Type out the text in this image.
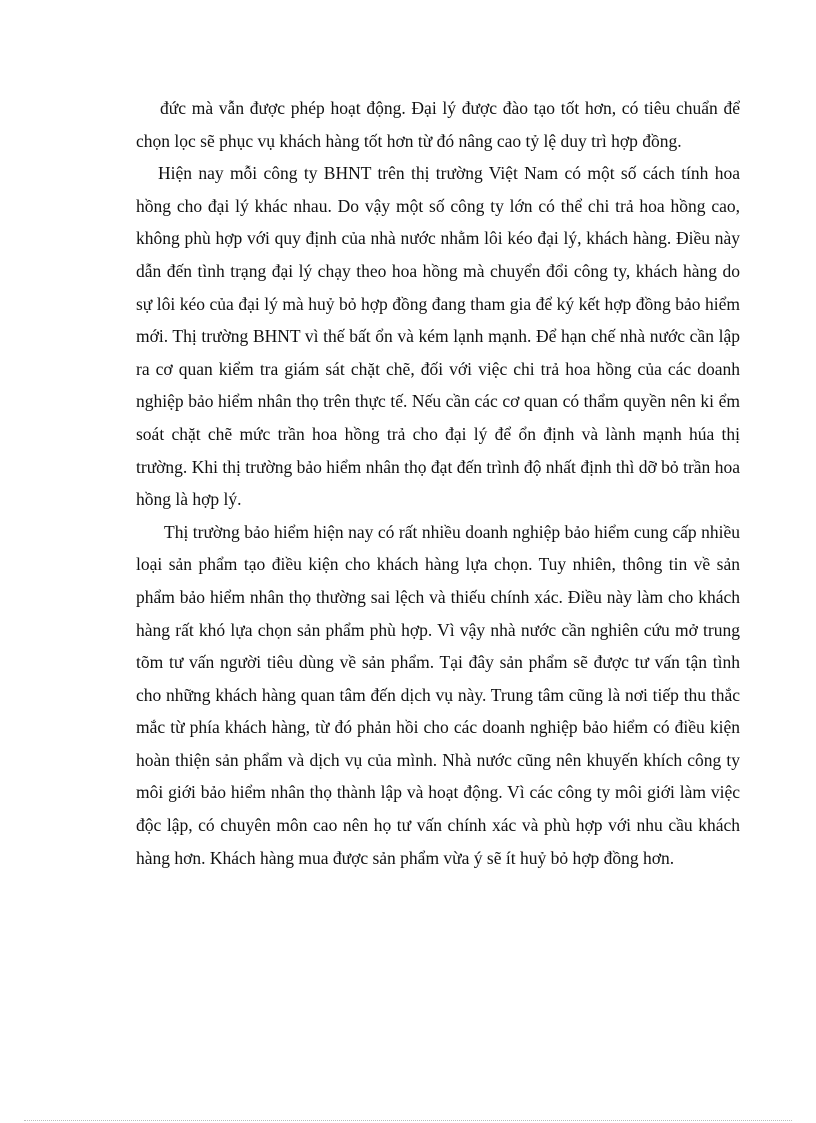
đức mà vẫn được phép hoạt động. Đại lý được đào tạo tốt hơn, có tiêu chuẩn để chọn lọc sẽ phục vụ khách hàng tốt hơn từ đó nâng cao tỷ lệ duy trì hợp đồng.

Hiện nay mỗi công ty BHNT trên thị trường Việt Nam có một số cách tính hoa hồng cho đại lý khác nhau. Do vậy một số công ty lớn có thể chi trả hoa hồng cao, không phù hợp với quy định của nhà nước nhằm lôi kéo đại lý, khách hàng. Điều này dẫn đến tình trạng đại lý chạy theo hoa hồng mà chuyển đổi công ty, khách hàng do sự lôi kéo của đại lý mà huỷ bỏ hợp đồng đang tham gia để ký kết hợp đồng bảo hiểm mới. Thị trường BHNT vì thế bất ổn và kém lạnh mạnh. Để hạn chế nhà nước cần lập ra cơ quan kiểm tra giám sát chặt chẽ, đối với việc chi trả hoa hồng của các doanh nghiệp bảo hiểm nhân thọ trên thực tế. Nếu cần các cơ quan có thẩm quyền nên ki ểm soát chặt chẽ mức trần hoa hồng trả cho đại lý để ổn định và lành mạnh húa thị trường. Khi thị trường bảo hiểm nhân thọ đạt đến trình độ nhất định thì dỡ bỏ trần hoa hồng là hợp lý.

Thị trường bảo hiểm hiện nay có rất nhiều doanh nghiệp bảo hiểm cung cấp nhiều loại sản phẩm tạo điều kiện cho khách hàng lựa chọn. Tuy nhiên, thông tin về sản phẩm bảo hiểm nhân thọ thường sai lệch và thiếu chính xác. Điều này làm cho khách hàng rất khó lựa chọn sản phẩm phù hợp. Vì vậy nhà nước cần nghiên cứu mở trung tõm tư vấn người tiêu dùng về sản phẩm. Tại đây sản phẩm sẽ được tư vấn tận tình cho những khách hàng quan tâm đến dịch vụ này. Trung tâm cũng là nơi tiếp thu thắc mắc từ phía khách hàng, từ đó phản hồi cho các doanh nghiệp bảo hiểm có điều kiện hoàn thiện sản phẩm và dịch vụ của mình. Nhà nước cũng nên khuyến khích công ty môi giới bảo hiểm nhân thọ thành lập và hoạt động. Vì các công ty môi giới làm việc độc lập, có chuyên môn cao nên họ tư vấn chính xác và phù hợp với nhu cầu khách hàng hơn. Khách hàng mua được sản phẩm vừa ý sẽ ít huỷ bỏ hợp đồng hơn.
